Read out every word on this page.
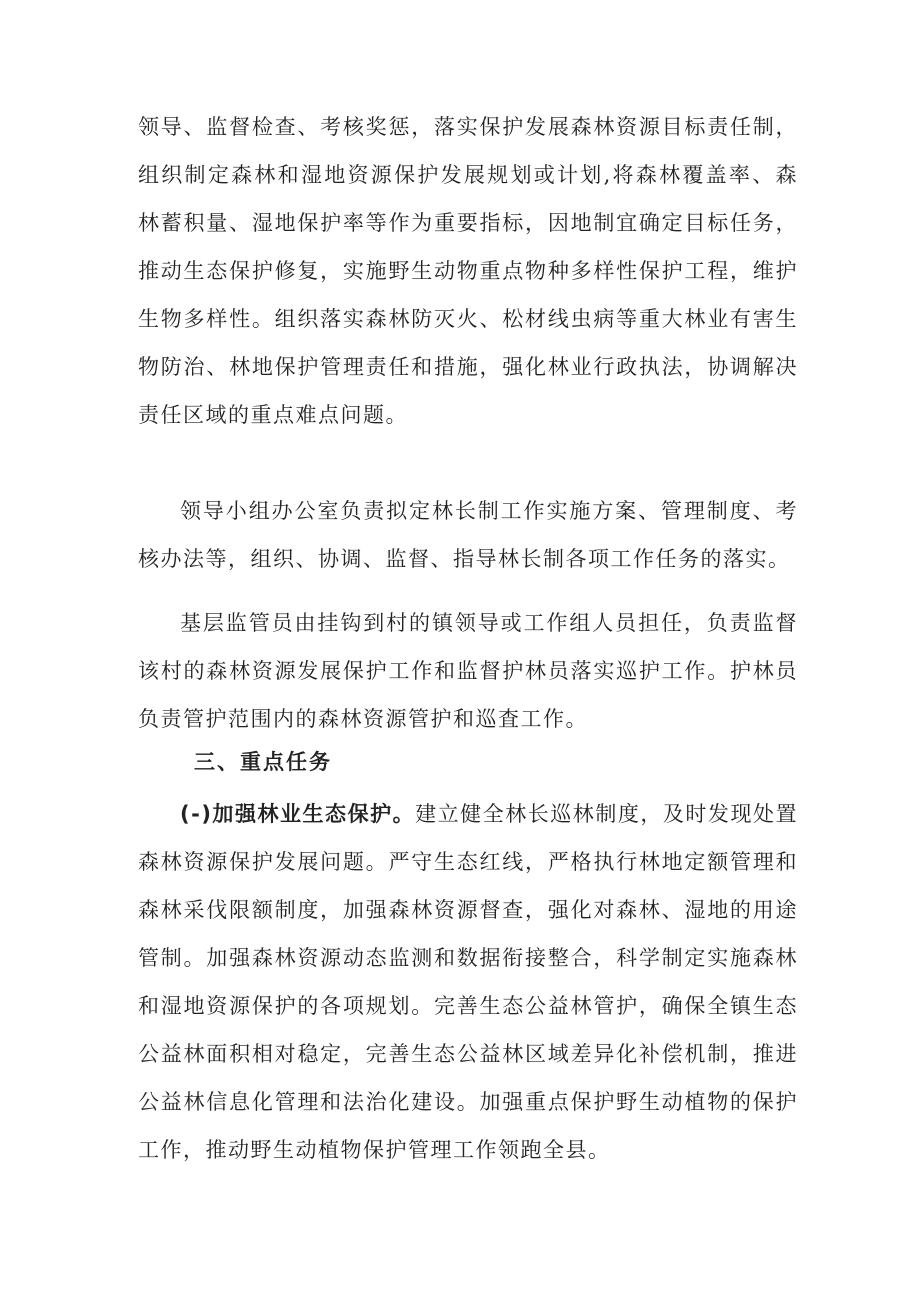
领导、监督检查、考核奖惩，落实保护发展森林资源目标责任制，组织制定森林和湿地资源保护发展规划或计划,将森林覆盖率、森林蓄积量、湿地保护率等作为重要指标，因地制宜确定目标任务，推动生态保护修复，实施野生动物重点物种多样性保护工程，维护生物多样性。组织落实森林防灭火、松材线虫病等重大林业有害生物防治、林地保护管理责任和措施，强化林业行政执法，协调解决责任区域的重点难点问题。

领导小组办公室负责拟定林长制工作实施方案、管理制度、考核办法等，组织、协调、监督、指导林长制各项工作任务的落实。

基层监管员由挂钩到村的镇领导或工作组人员担任，负责监督该村的森林资源发展保护工作和监督护林员落实巡护工作。护林员负责管护范围内的森林资源管护和巡査工作。

三、重点任务

(-)加强林业生态保护。建立健全林长巡林制度，及时发现处置森林资源保护发展问题。严守生态红线，严格执行林地定额管理和森林采伐限额制度，加强森林资源督查，强化对森林、湿地的用途管制。加强森林资源动态监测和数据衔接整合，科学制定实施森林和湿地资源保护的各项规划。完善生态公益林管护，确保全镇生态公益林面积相对稳定，完善生态公益林区域差异化补偿机制，推进公益林信息化管理和法治化建设。加强重点保护野生动植物的保护工作，推动野生动植物保护管理工作领跑全县。
